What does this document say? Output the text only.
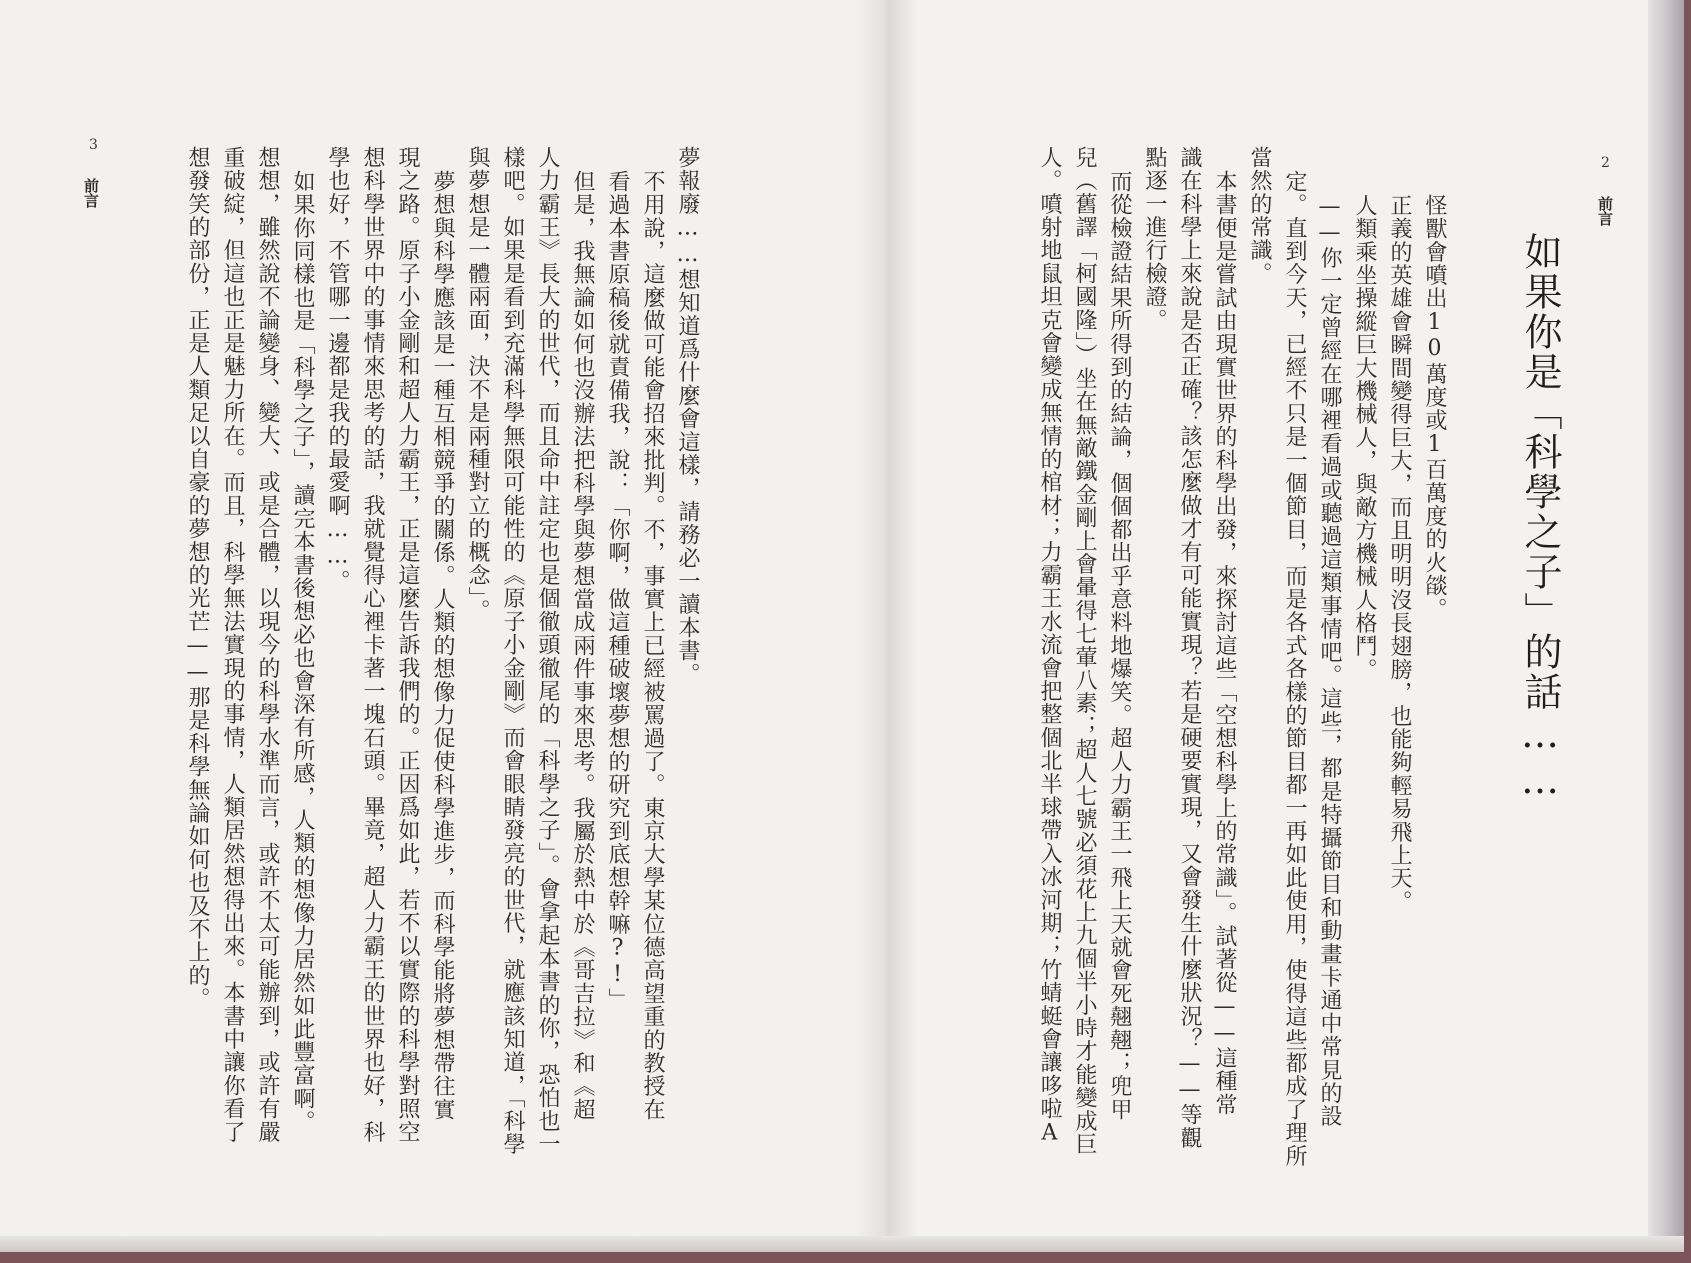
3
前言	夢報廢……想知道爲什麼會這樣，請務必一讀本書。
不用說，這麼做可能會招來批判。不，事實上已經被罵過了。東京大學某位德高望重的教授在
看過本書原稿後就責備我，說：「你啊，做這種破壞夢想的研究到底想幹嘛?!」
但是，我無論如何也沒辦法把科學與夢想當成兩件事來思考。我屬於熱中於《哥吉拉》和《超
人力霸王》長大的世代，而且命中註定也是個徹頭徹尾的「科學之子」。會拿起本書的你，恐怕也一
樣吧。如果是看到充滿科學無限可能性的《原子小金剛》而會眼睛發亮的世代，就應該知道，「科學
與夢想是一體兩面，決不是兩種對立的概念」。
夢想與科學應該是一種互相競爭的關係。人類的想像力促使科學進步，而科學能將夢想帶往實
現之路。原子小金剛和超人力霸王，正是這麼告訴我們的。正因爲如此，若不以實際的科學對照空
想科學世界中的事情來思考的話，我就覺得心裡卡著一塊石頭。畢竟，超人力霸王的世界也好，科
學也好，不管哪一邊都是我的最愛啊……。
如果你同樣也是「科學之子」，讀完本書後想必也會深有所感，人類的想像力居然如此豐富啊。
想想，雖然說不論變身、變大、或是合體，以現今的科學水準而言，或許不太可能辦到，或許有嚴
重破綻，但這也正是魅力所在。而且，科學無法實現的事情，人類居然想得出來。本書中讓你看了
想發笑的部份，正是人類足以自豪的夢想的光芒——那是科學無論如何也及不上的。	2
前言
如果你是「科學之子」的話……
怪獸會噴出10萬度或1百萬度的火燄。
正義的英雄會瞬間變得巨大，而且明明沒長翅膀，也能夠輕易飛上天。
人類乘坐操縱巨大機械人，與敵方機械人格鬥。
——你一定曾經在哪裡看過或聽過這類事情吧。這些，都是特攝節目和動畫卡通中常見的設
定。直到今天，已經不只是一個節目，而是各式各樣的節目都一再如此使用，使得這些都成了理所
當然的常識。
本書便是嘗試由現實世界的科學出發，來探討這些「空想科學上的常識」。試著從——這種常
識在科學上來說是否正確？該怎麼做才有可能實現？若是硬要實現，又會發生什麼狀況？——等觀
點逐一進行檢證。
而從檢證結果所得到的結論，個個都出乎意料地爆笑。超人力霸王一飛上天就會死翹翹；兜甲
兒（舊譯「柯國隆」）坐在無敵鐵金剛上會暈得七葷八素；超人七號必須花上九個半小時才能變成巨
人。噴射地鼠坦克會變成無情的棺材；力霸王水流會把整個北半球帶入冰河期；竹蜻蜓會讓哆啦A
